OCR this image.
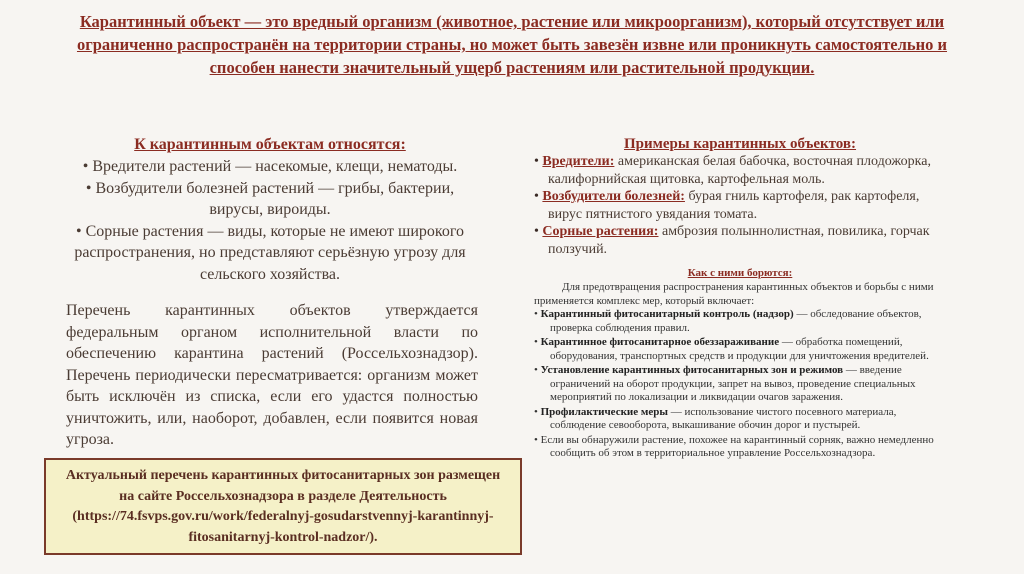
Карантинный объект — это вредный организм (животное, растение или микроорганизм), который отсутствует или ограниченно распространён на территории страны, но может быть завезён извне или проникнуть самостоятельно и способен нанести значительный ущерб растениям или растительной продукции.
К карантинным объектам относятся:
• Вредители растений — насекомые, клещи, нематоды.
• Возбудители болезней растений — грибы, бактерии, вирусы, вироиды.
• Сорные растения — виды, которые не имеют широкого распространения, но представляют серьёзную угрозу для сельского хозяйства.
Перечень карантинных объектов утверждается федеральным органом исполнительной власти по обеспечению карантина растений (Россельхознадзор). Перечень периодически пересматривается: организм может быть исключён из списка, если его удастся полностью уничтожить, или, наоборот, добавлен, если появится новая угроза.
Актуальный перечень карантинных фитосанитарных зон размещен на сайте Россельхознадзора в разделе Деятельность (https://74.fsvps.gov.ru/work/federalnyj-gosudarstvennyj-karantinnyj-fitosanitarnyj-kontrol-nadzor/).
Примеры карантинных объектов:
• Вредители: американская белая бабочка, восточная плодожорка, калифорнийская щитовка, картофельная моль.
• Возбудители болезней: бурая гниль картофеля, рак картофеля, вирус пятнистого увядания томата.
• Сорные растения: амброзия полыннолистная, повилика, горчак ползучий.
Как с ними борются:
Для предотвращения распространения карантинных объектов и борьбы с ними применяется комплекс мер, который включает:
• Карантинный фитосанитарный контроль (надзор) — обследование объектов, проверка соблюдения правил.
• Карантинное фитосанитарное обеззараживание — обработка помещений, оборудования, транспортных средств и продукции для уничтожения вредителей.
• Установление карантинных фитосанитарных зон и режимов — введение ограничений на оборот продукции, запрет на вывоз, проведение специальных мероприятий по локализации и ликвидации очагов заражения.
• Профилактические меры — использование чистого посевного материала, соблюдение севооборота, выкашивание обочин дорог и пустырей.
• Если вы обнаружили растение, похожее на карантинный сорняк, важно немедленно сообщить об этом в территориальное управление Россельхознадзора.
